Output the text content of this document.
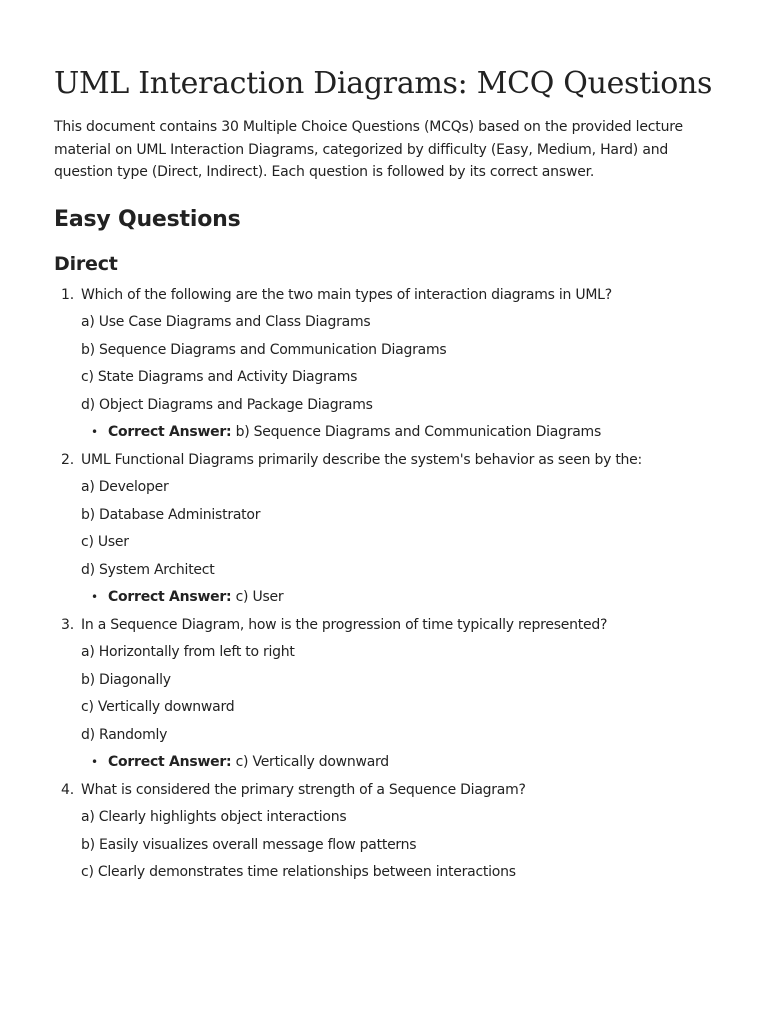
UML Interaction Diagrams: MCQ Questions

This document contains 30 Multiple Choice Questions (MCQs) based on the provided lecture material on UML Interaction Diagrams, categorized by difficulty (Easy, Medium, Hard) and question type (Direct, Indirect). Each question is followed by its correct answer.

Easy Questions
Direct
1. Which of the following are the two main types of interaction diagrams in UML?
a) Use Case Diagrams and Class Diagrams
b) Sequence Diagrams and Communication Diagrams
c) State Diagrams and Activity Diagrams
d) Object Diagrams and Package Diagrams
• Correct Answer: b) Sequence Diagrams and Communication Diagrams
2. UML Functional Diagrams primarily describe the system's behavior as seen by the:
a) Developer
b) Database Administrator
c) User
d) System Architect
• Correct Answer: c) User
3. In a Sequence Diagram, how is the progression of time typically represented?
a) Horizontally from left to right
b) Diagonally
c) Vertically downward
d) Randomly
• Correct Answer: c) Vertically downward
4. What is considered the primary strength of a Sequence Diagram?
a) Clearly highlights object interactions
b) Easily visualizes overall message flow patterns
c) Clearly demonstrates time relationships between interactions
